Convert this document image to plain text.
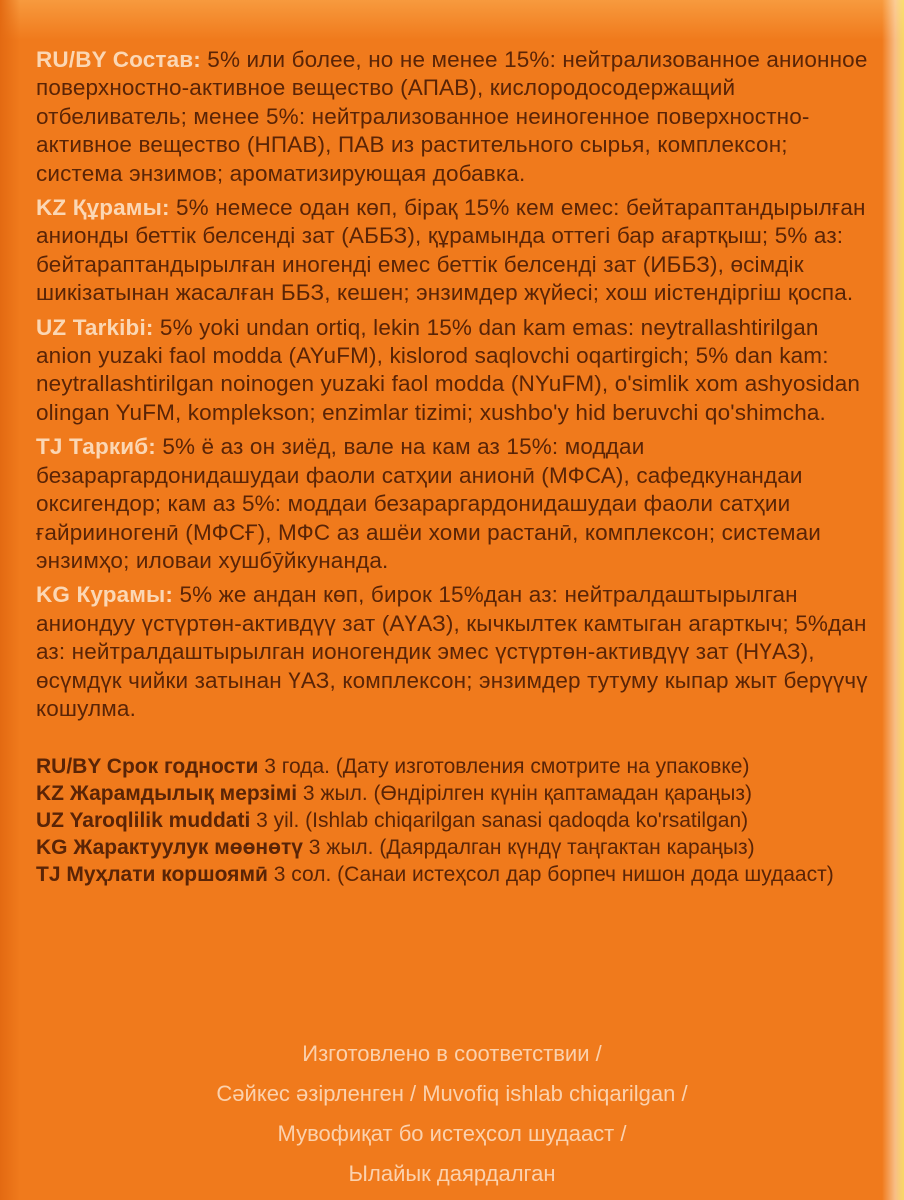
RU/BY Состав: 5% или более, но не менее 15%: нейтрализованное анионное поверхностно-активное вещество (АПАВ), кислородосодержащий отбеливатель; менее 5%: нейтрализованное неиногенное поверхностно-активное вещество (НПАВ), ПАВ из растительного сырья, комплексон; система энзимов; ароматизирующая добавка.

KZ Құрамы: 5% немесе одан көп, бірақ 15% кем емес: бейтараптандырылған анионды беттік белсенді зат (АББЗ), құрамында оттегі бар ағартқыш; 5% аз: бейтараптандырылған иногенді емес беттік белсенді зат (ИББЗ), өсімдік шикізатынан жасалған ББЗ, кешен; энзимдер жүйесі; хош иістендіргіш қоспа.

UZ Tarkibi: 5% yoki undan ortiq, lekin 15% dan kam emas: neytrallashtirilgan anion yuzaki faol modda (AYuFM), kislorod saqlovchi oqartirgich; 5% dan kam: neytrallashtirilgan noinogen yuzaki faol modda (NYuFM), o'simlik xom ashyosidan olingan YuFM, komplekson; enzimlar tizimi; xushbo'y hid beruvchi qo'shimcha.

TJ Таркиб: 5% ё аз он зиёд, вале на кам аз 15%: моддаи безараргардонидашудаи фаоли сатҳии анионӣ (МФСА), сафедкунандаи оксигендор; кам аз 5%: моддаи безараргардонидашудаи фаоли сатҳии ғайрииногенӣ (МФСҒ), МФС аз ашёи хоми растанӣ, комплексон; системаи энзимҳо; иловаи хушбӯйкунанда.

KG Курамы: 5% же андан көп, бирок 15%дан аз: нейтралдаштырылган аниондуу үстүртөн-активдүү зат (АҮАЗ), кычкылтек камтыган агарткыч; 5%дан аз: нейтралдаштырылган ионогендик эмес үстүртөн-активдүү зат (НҮАЗ), өсүмдүк чийки затынан ҮАЗ, комплексон; энзимдер тутуму кыпар жыт берүүчү кошулма.

RU/BY Срок годности 3 года. (Дату изготовления смотрите на упаковке)
KZ Жарамдылық мерзімі 3 жыл. (Өндірілген күнін қаптамадан қараңыз)
UZ Yaroqlilik muddati 3 yil. (Ishlab chiqarilgan sanasi qadoqda ko'rsatilgan)
KG Жарактуулук мөөнөтү 3 жыл. (Даярдалган күндү таңгактан караңыз)
TJ Муҳлати коршоямӣ 3 сол. (Санаи истеҳсол дар борпеч нишон дода шудааст)
Изготовлено в соответствии /
Сәйкес әзірленген / Muvofiq ishlab chiqarilgan /
Мувофиқат бо истеҳсол шудааст /
Ылайык даярдалган
